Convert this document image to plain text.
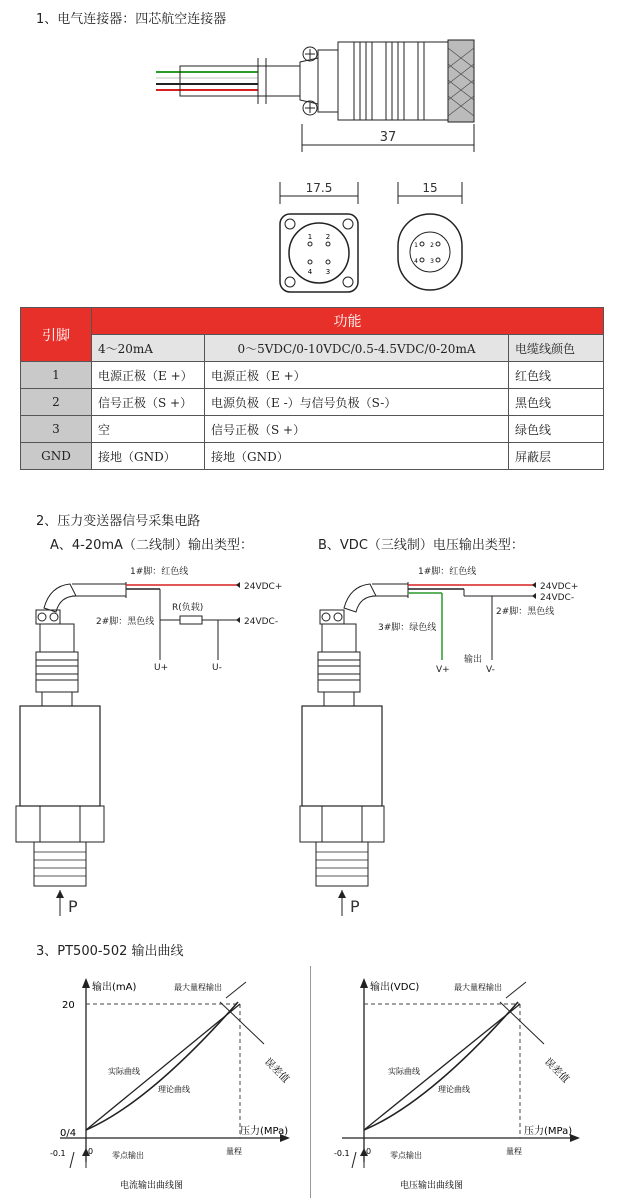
1、电气连接器：四芯航空连接器
37
17.5
1 2
4 3
15
1 2
4 3
引脚	功能		
	4～20mA	0～5VDC/0-10VDC/0.5-4.5VDC/0-20mA	电缆线颜色
1	电源正极（E +）	电源正极（E +）	红色线
2	信号正极（S +）	电源负极（E -）与信号负极（S-）	黑色线
3	空	信号正极（S +）	绿色线
GND	接地（GND）	接地（GND）	屏蔽层
2、压力变送器信号采集电路
A、4-20mA（二线制）输出类型：	B、VDC（三线制）电压输出类型：
1#脚：红色线
2#脚：黑色线
24VDC+
24VDC-
R(负载)
U+	U-
P
1#脚：红色线
2#脚：黑色线
3#脚：绿色线
24VDC+
24VDC-
输出
V+	V-
P
3、PT500-502 输出曲线
输出(mA)
20
0/4
-0.1	0	量程
压力(MPa)
最大量程输出
误差值
实际曲线
理论曲线
零点输出
电流输出曲线图
输出(VDC)
-0.1 0	量程
压力(MPa)
最大量程输出
误差值
实际曲线
理论曲线
零点输出
电压输出曲线图
